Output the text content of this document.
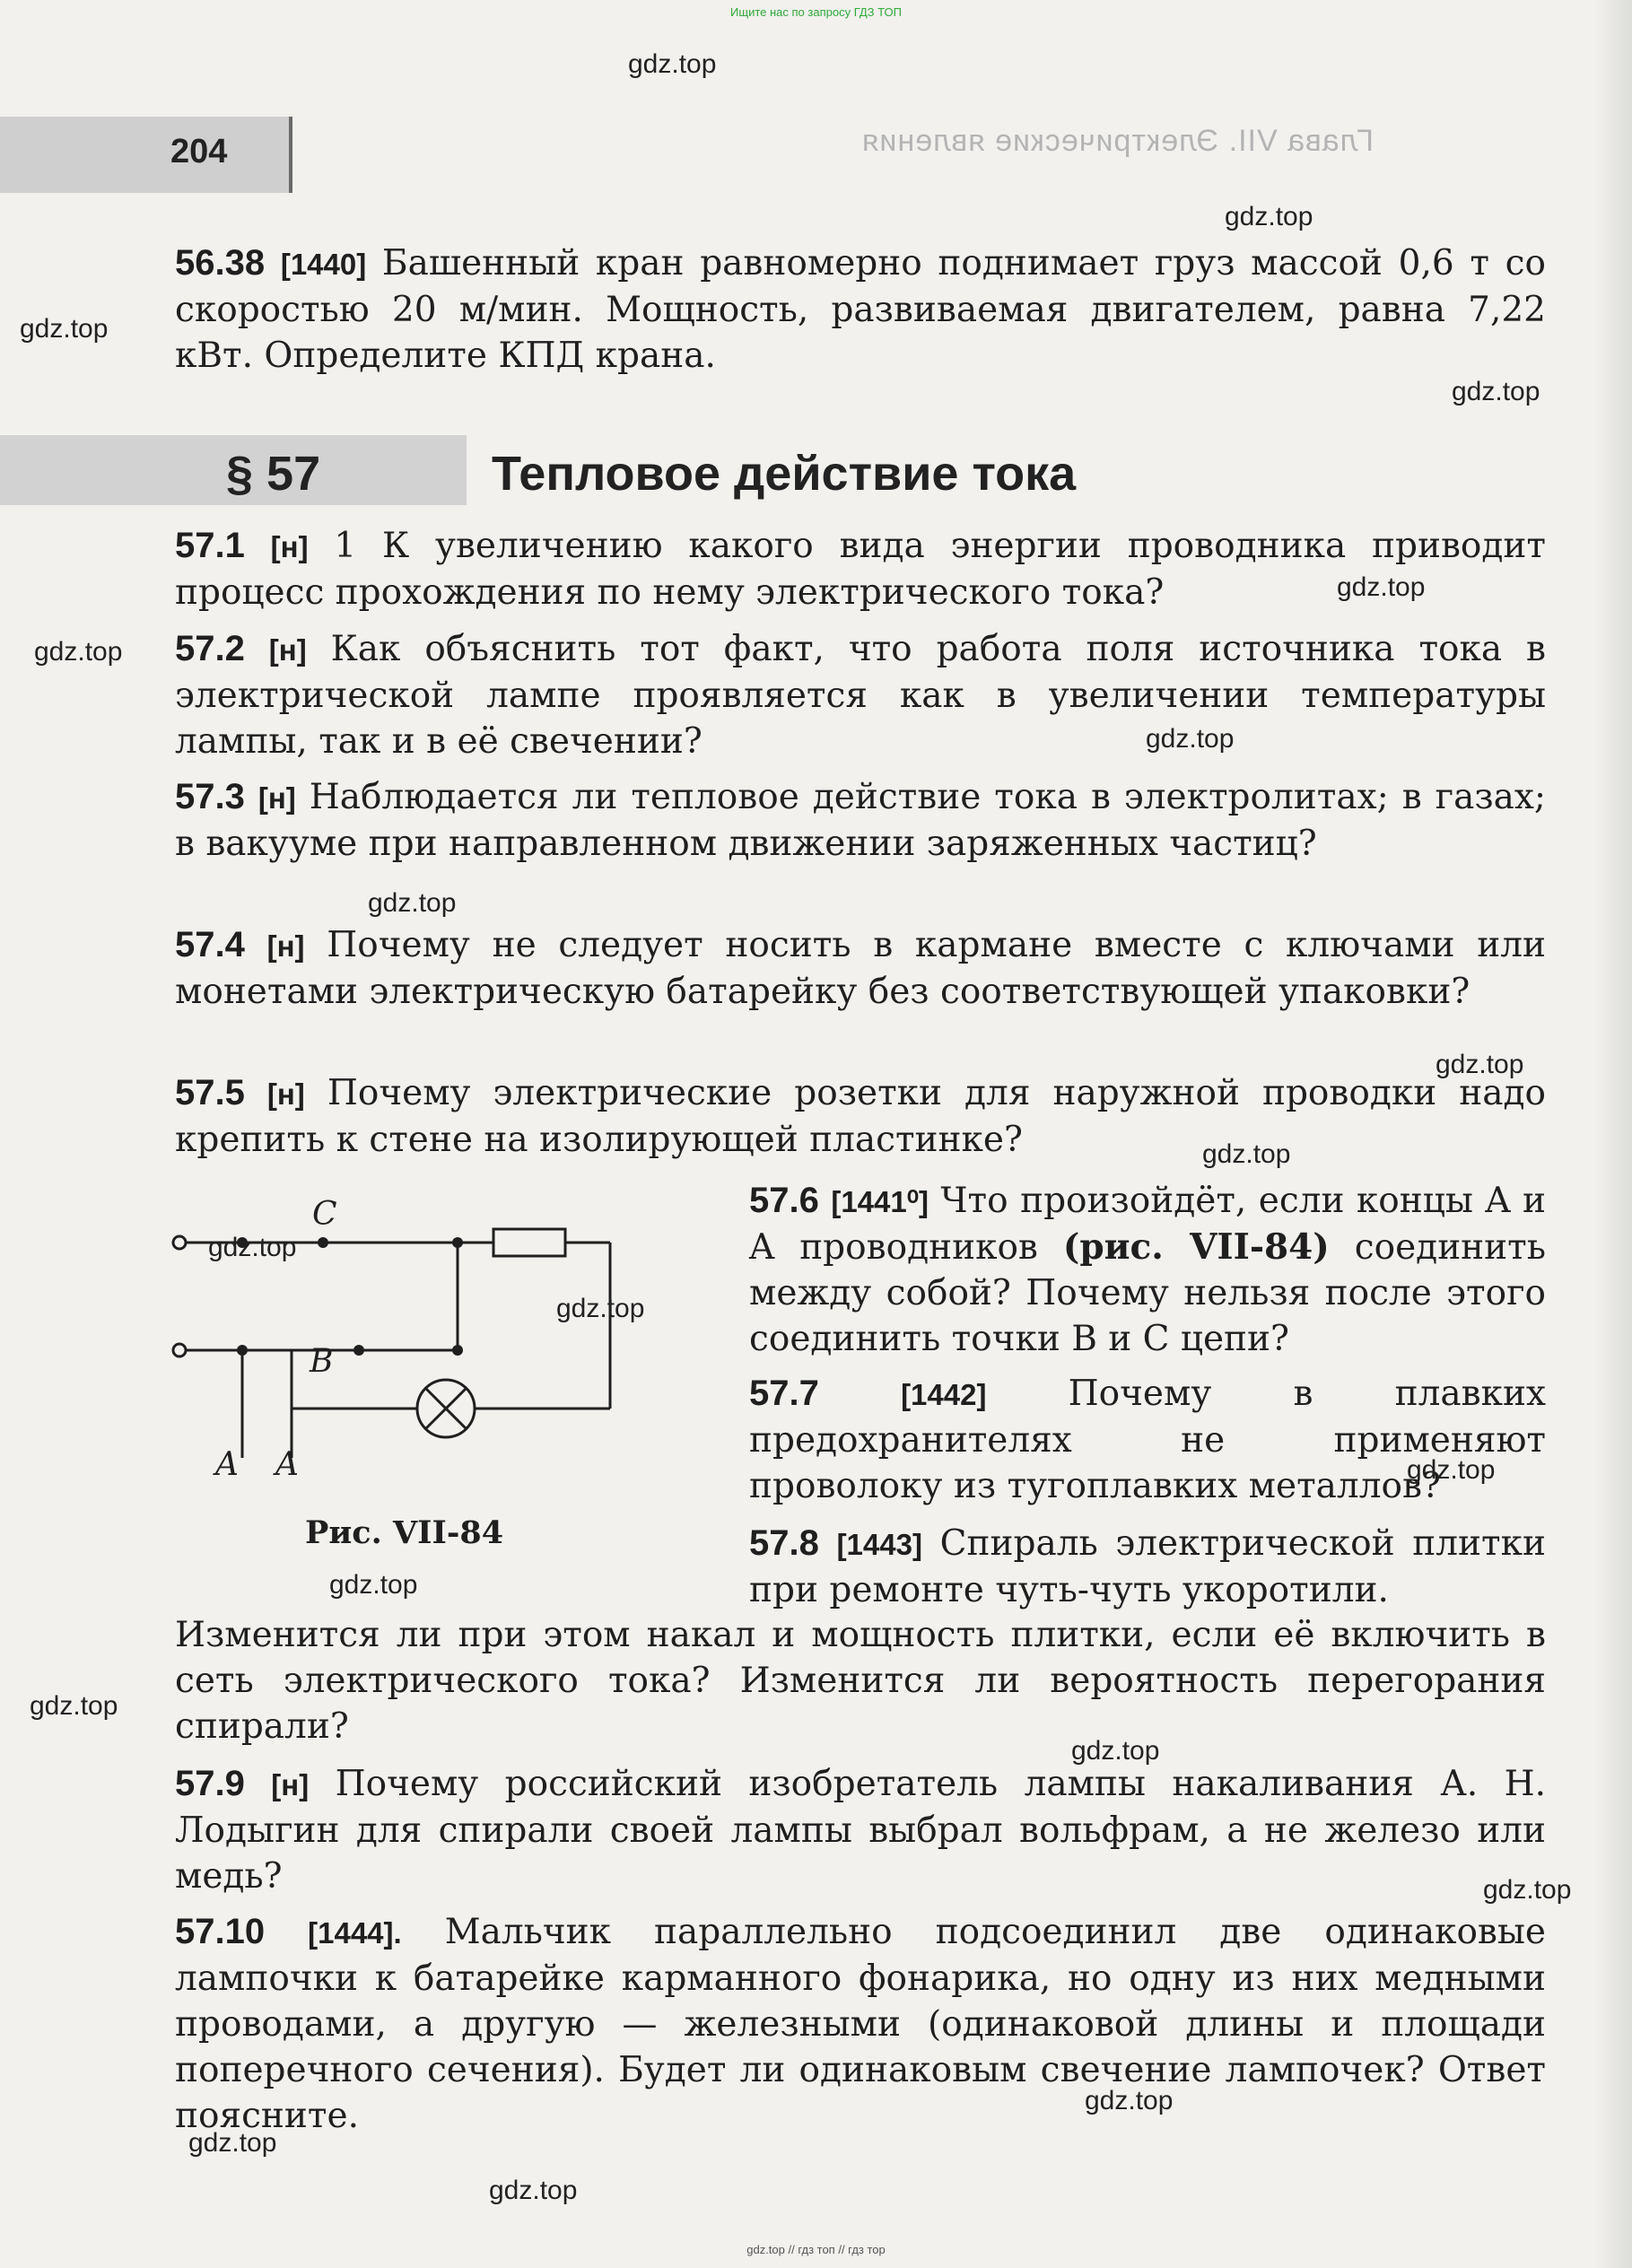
Ищите нас по запросу ГДЗ ТОП
204	Глава VII. Электрические явления

56.38 [1440] Башенный кран равномерно поднимает груз массой 0,6 т со скоростью 20 м/мин. Мощность, развиваемая двигателем, равна 7,22 кВт. Определите КПД крана.

§ 57	Тепловое действие тока

57.1 [н] 1 К увеличению какого вида энергии проводника приводит процесс прохождения по нему электрического тока?

57.2 [н] Как объяснить тот факт, что работа поля источника тока в электрической лампе проявляется как в увеличении температуры лампы, так и в её свечении?

57.3 [н] Наблюдается ли тепловое действие тока в электролитах; в газах; в вакууме при направленном движении заряженных частиц?

57.4 [н] Почему не следует носить в кармане вместе с ключами или монетами электрическую батарейку без соответствующей упаковки?

57.5 [н] Почему электрические розетки для наружной проводки надо крепить к стене на изолирующей пластинке?

57.6 [1441⁰] Что произойдёт, если концы A и A проводников (рис. VII-84) соединить между собой? Почему нельзя после этого соединить точки B и C цепи?

57.7	[1442] Почему в плавких предохранителях не применяют проволоку из тугоплавких металлов?

57.8 [1443] Спираль электрической плитки при ремонте чуть-чуть укоротили.

Изменится ли при этом накал и мощность плитки, если её включить в сеть электрического тока? Изменится ли вероятность перегорания спирали?

57.9 [н] Почему российский изобретатель лампы накаливания А. Н. Лодыгин для спирали своей лампы выбрал вольфрам, а не железо или медь?

57.10 [1444]. Мальчик параллельно подсоединил две одинаковые лампочки к батарейке карманного фонарика, но одну из них медными проводами, а другую — железными (одинаковой длины и площади поперечного сечения). Будет ли одинаковым свечение лампочек? Ответ поясните.

C
B
A A
Рис. VII-84
gdz.top
gdz.top
gdz.top
gdz.top
gdz.top
gdz.top
gdz.top
gdz.top
gdz.top
gdz.top
gdz.top
gdz.top
gdz.top
gdz.top
gdz.top
gdz.top
gdz.top
gdz.top
gdz.top
gdz.top
gdz.top // гдз топ // гдз тор
